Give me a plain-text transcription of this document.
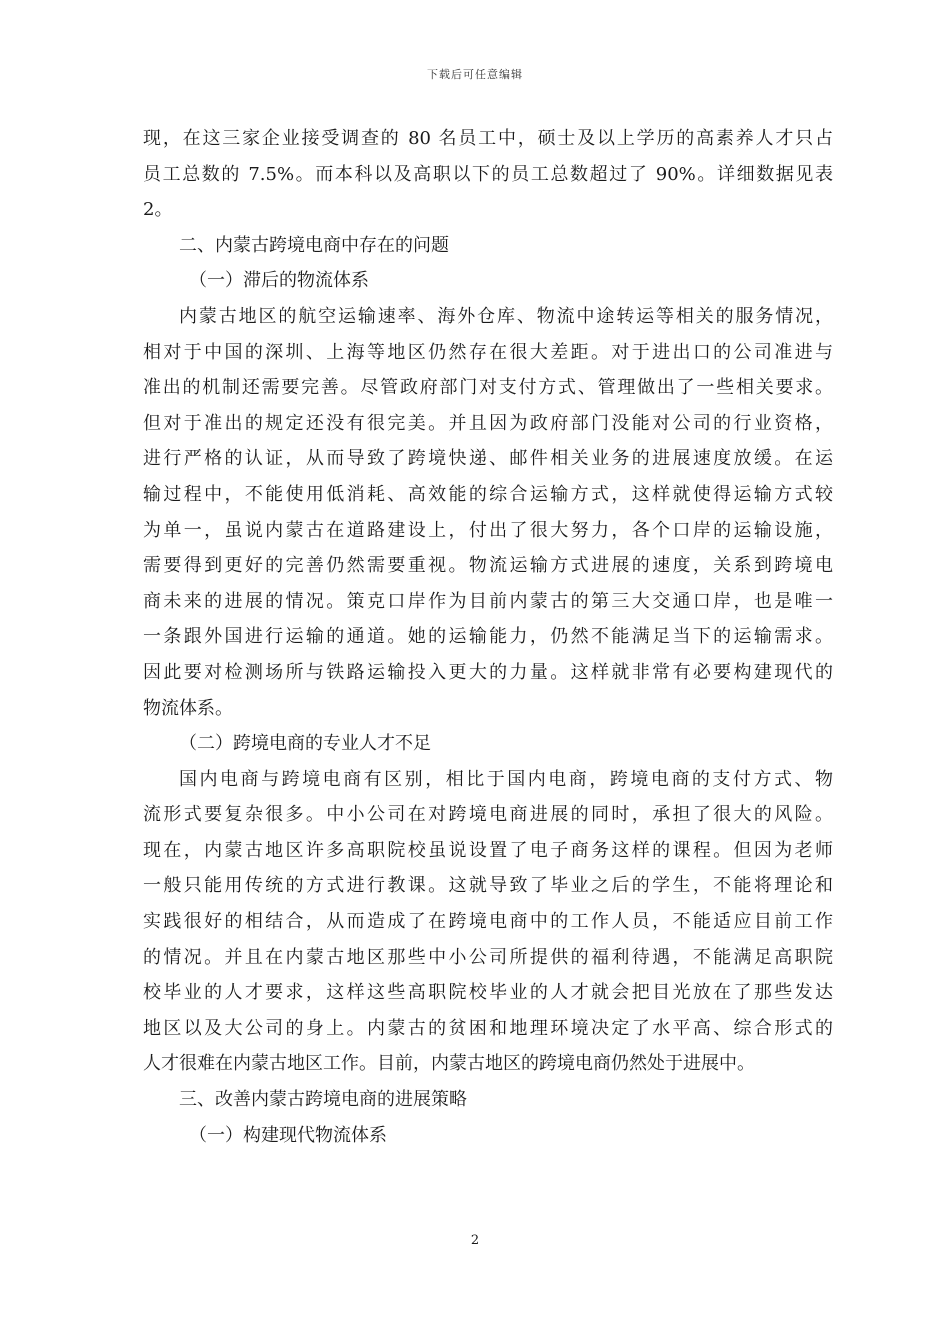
下载后可任意编辑
现，在这三家企业接受调查的 80 名员工中，硕士及以上学历的高素养人才只占
员工总数的 7.5%。而本科以及高职以下的员工总数超过了 90%。详细数据见表
2。
二、内蒙古跨境电商中存在的问题
（一）滞后的物流体系
内蒙古地区的航空运输速率、海外仓库、物流中途转运等相关的服务情况，
相对于中国的深圳、上海等地区仍然存在很大差距。对于进出口的公司准进与
准出的机制还需要完善。尽管政府部门对支付方式、管理做出了一些相关要求。
但对于准出的规定还没有很完美。并且因为政府部门没能对公司的行业资格，
进行严格的认证，从而导致了跨境快递、邮件相关业务的进展速度放缓。在运
输过程中，不能使用低消耗、高效能的综合运输方式，这样就使得运输方式较
为单一，虽说内蒙古在道路建设上，付出了很大努力，各个口岸的运输设施，
需要得到更好的完善仍然需要重视。物流运输方式进展的速度，关系到跨境电
商未来的进展的情况。策克口岸作为目前内蒙古的第三大交通口岸，也是唯一
一条跟外国进行运输的通道。她的运输能力，仍然不能满足当下的运输需求。
因此要对检测场所与铁路运输投入更大的力量。这样就非常有必要构建现代的
物流体系。
（二）跨境电商的专业人才不足
国内电商与跨境电商有区别，相比于国内电商，跨境电商的支付方式、物
流形式要复杂很多。中小公司在对跨境电商进展的同时，承担了很大的风险。
现在，内蒙古地区许多高职院校虽说设置了电子商务这样的课程。但因为老师
一般只能用传统的方式进行教课。这就导致了毕业之后的学生，不能将理论和
实践很好的相结合，从而造成了在跨境电商中的工作人员，不能适应目前工作
的情况。并且在内蒙古地区那些中小公司所提供的福利待遇，不能满足高职院
校毕业的人才要求，这样这些高职院校毕业的人才就会把目光放在了那些发达
地区以及大公司的身上。内蒙古的贫困和地理环境决定了水平高、综合形式的
人才很难在内蒙古地区工作。目前，内蒙古地区的跨境电商仍然处于进展中。
三、改善内蒙古跨境电商的进展策略
（一）构建现代物流体系
2
